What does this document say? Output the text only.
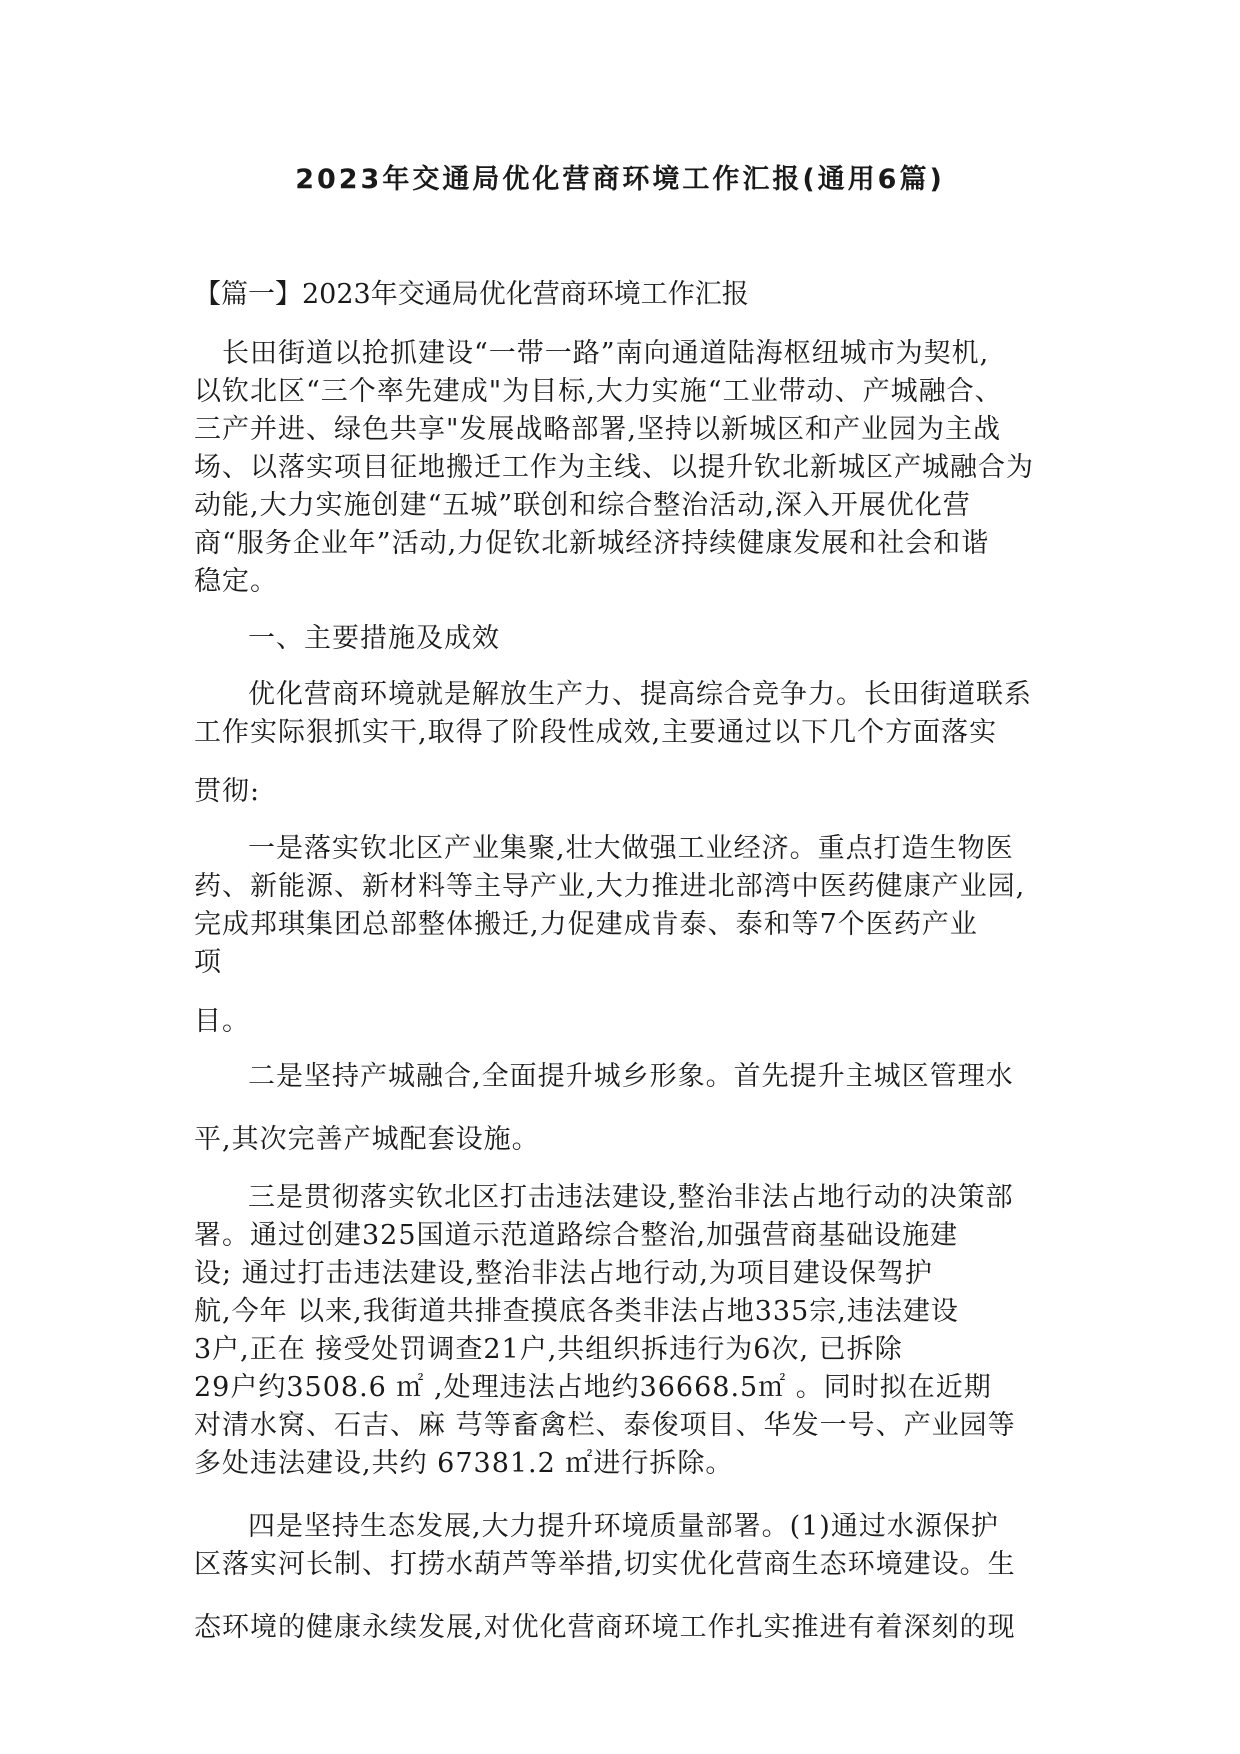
2023年交通局优化营商环境工作汇报(通用6篇)
【篇一】2023年交通局优化营商环境工作汇报
长田街道以抢抓建设“一带一路”南向通道陆海枢纽城市为契机,
以钦北区“三个率先建成"为目标,大力实施“工业带动、产城融合、
三产并进、绿色共享"发展战略部署,坚持以新城区和产业园为主战
场、以落实项目征地搬迁工作为主线、以提升钦北新城区产城融合为
动能,大力实施创建“五城”联创和综合整治活动,深入开展优化营
商“服务企业年”活动,力促钦北新城经济持续健康发展和社会和谐
稳定。
一、主要措施及成效
优化营商环境就是解放生产力、提高综合竞争力。长田街道联系
工作实际狠抓实干,取得了阶段性成效,主要通过以下几个方面落实
贯彻:
一是落实钦北区产业集聚,壮大做强工业经济。重点打造生物医
药、新能源、新材料等主导产业,大力推进北部湾中医药健康产业园,
完成邦琪集团总部整体搬迁,力促建成肯泰、泰和等7个医药产业
项
目。
二是坚持产城融合,全面提升城乡形象。首先提升主城区管理水
平,其次完善产城配套设施。
三是贯彻落实钦北区打击违法建设,整治非法占地行动的决策部
署。通过创建325国道示范道路综合整治,加强营商基础设施建
设; 通过打击违法建设,整治非法占地行动,为项目建设保驾护
航,今年 以来,我街道共排查摸底各类非法占地335宗,违法建设
3户,正在 接受处罚调查21户,共组织拆违行为6次, 已拆除
29户约3508.6 ㎡ ,处理违法占地约36668.5㎡ 。同时拟在近期
对清水窝、石吉、麻 芎等畜禽栏、泰俊项目、华发一号、产业园等
多处违法建设,共约 67381.2 ㎡进行拆除。
四是坚持生态发展,大力提升环境质量部署。(1)通过水源保护
区落实河长制、打捞水葫芦等举措,切实优化营商生态环境建设。生
态环境的健康永续发展,对优化营商环境工作扎实推进有着深刻的现
